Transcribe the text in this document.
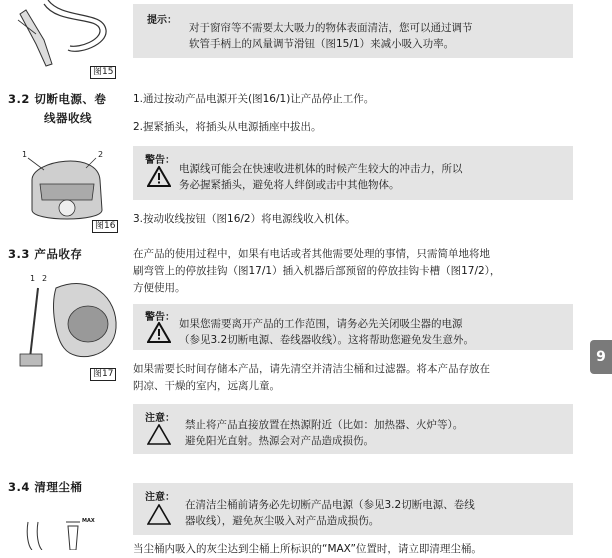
图15
提示：
对于窗帘等不需要太大吸力的物体表面清洁，您可以通过调节
软管手柄上的风量调节滑钮（图15/1）来减小吸入功率。
3.2 切断电源、卷
线器收线
1.通过按动产品电源开关(图16/1)让产品停止工作。
2.握紧插头，将插头从电源插座中拔出。
1	2
图16
警告：
电源线可能会在快速收进机体的时候产生较大的冲击力，所以
务必握紧插头，避免将人绊倒或击中其他物体。
3.按动收线按钮（图16/2）将电源线收入机体。
3.3 产品收存	在产品的使用过程中，如果有电话或者其他需要处理的事情，只需简单地将地
刷弯管上的停放挂钩（图17/1）插入机器后部预留的停放挂钩卡槽（图17/2），
方便使用。
1 2
图17
警告：
如果您需要离开产品的工作范围，请务必先关闭吸尘器的电源
（参见3.2切断电源、卷线器收线）。这将帮助您避免发生意外。
如果需要长时间存储本产品，请先清空并清洁尘桶和过滤器。将本产品存放在
阴凉、干燥的室内，远离儿童。
注意：
禁止将产品直接放置在热源附近（比如：加热器、火炉等）。
避免阳光直射。热源会对产品造成损伤。
3.4 清理尘桶
注意：
在清洁尘桶前请务必先切断产品电源（参见3.2切断电源、卷线
器收线），避免灰尘吸入对产品造成损伤。
MAX
当尘桶内吸入的灰尘达到尘桶上所标识的“MAX”位置时，请立即清理尘桶。
9
